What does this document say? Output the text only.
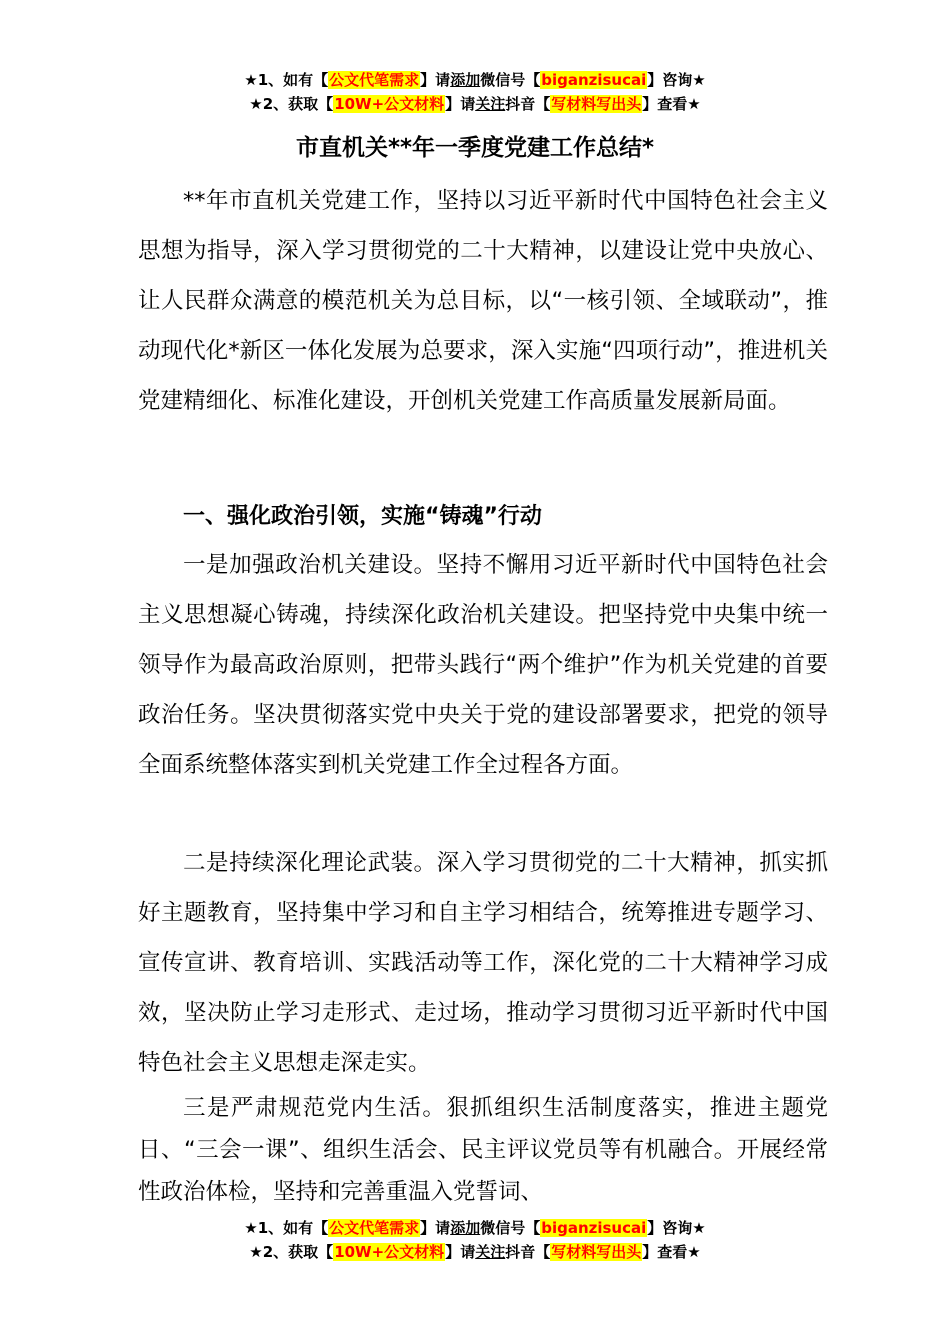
★1、如有【公文代笔需求】请添加微信号【biganzisucai】咨询★
★2、获取【10W+公文材料】请关注抖音【写材料写出头】查看★
市直机关**年一季度党建工作总结*

**年市直机关党建工作，坚持以习近平新时代中国特色社会主义思想为指导，深入学习贯彻党的二十大精神，以建设让党中央放心、让人民群众满意的模范机关为总目标，以“一核引领、全域联动”，推动现代化*新区一体化发展为总要求，深入实施“四项行动”，推进机关党建精细化、标准化建设，开创机关党建工作高质量发展新局面。

一、强化政治引领，实施“铸魂”行动

一是加强政治机关建设。坚持不懈用习近平新时代中国特色社会主义思想凝心铸魂，持续深化政治机关建设。把坚持党中央集中统一领导作为最高政治原则，把带头践行“两个维护”作为机关党建的首要政治任务。坚决贯彻落实党中央关于党的建设部署要求，把党的领导全面系统整体落实到机关党建工作全过程各方面。

二是持续深化理论武装。深入学习贯彻党的二十大精神，抓实抓好主题教育，坚持集中学习和自主学习相结合，统筹推进专题学习、宣传宣讲、教育培训、实践活动等工作，深化党的二十大精神学习成效，坚决防止学习走形式、走过场，推动学习贯彻习近平新时代中国特色社会主义思想走深走实。

三是严肃规范党内生活。狠抓组织生活制度落实，推进主题党日、“三会一课”、组织生活会、民主评议党员等有机融合。开展经常性政治体检，坚持和完善重温入党誓词、

★1、如有【公文代笔需求】请添加微信号【biganzisucai】咨询★
★2、获取【10W+公文材料】请关注抖音【写材料写出头】查看★
